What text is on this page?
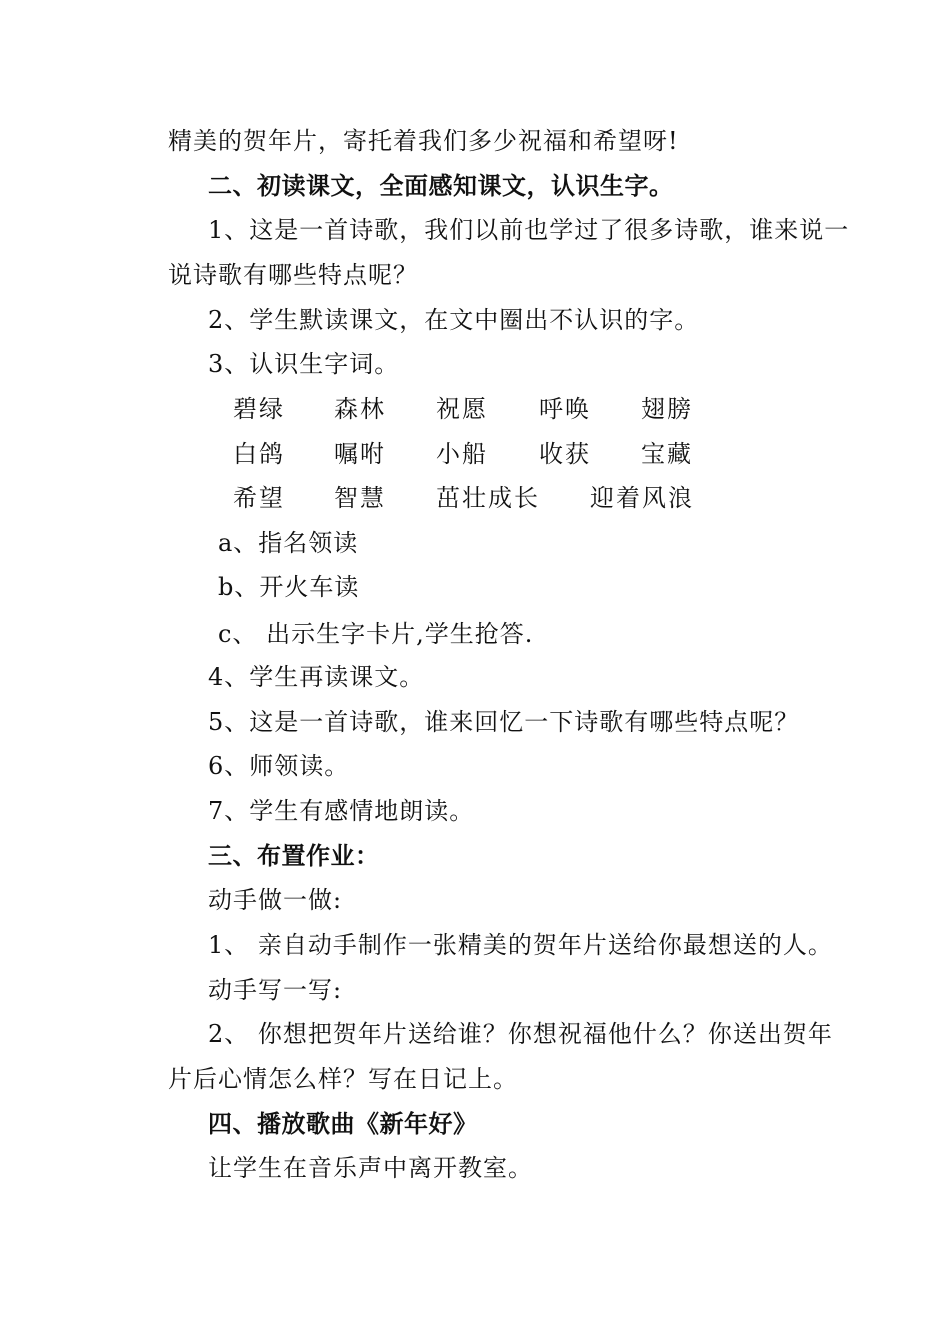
精美的贺年片，寄托着我们多少祝福和希望呀!
二、初读课文，全面感知课文，认识生字。
1、这是一首诗歌，我们以前也学过了很多诗歌，谁来说一
说诗歌有哪些特点呢？
2、学生默读课文，在文中圈出不认识的字。
3、认识生字词。
碧绿 森林 祝愿 呼唤 翅膀
白鸽 嘱咐 小船 收获 宝藏
希望 智慧 茁壮成长 迎着风浪
a、指名领读
b、开火车读
c、 出示生字卡片,学生抢答.
4、学生再读课文。
5、这是一首诗歌，谁来回忆一下诗歌有哪些特点呢？
6、师领读。
7、学生有感情地朗读。
三、布置作业：
动手做一做:
1、 亲自动手制作一张精美的贺年片送给你最想送的人。
动手写一写:
2、 你想把贺年片送给谁？你想祝福他什么？你送出贺年
片后心情怎么样？写在日记上。
四、播放歌曲《新年好》
让学生在音乐声中离开教室。
